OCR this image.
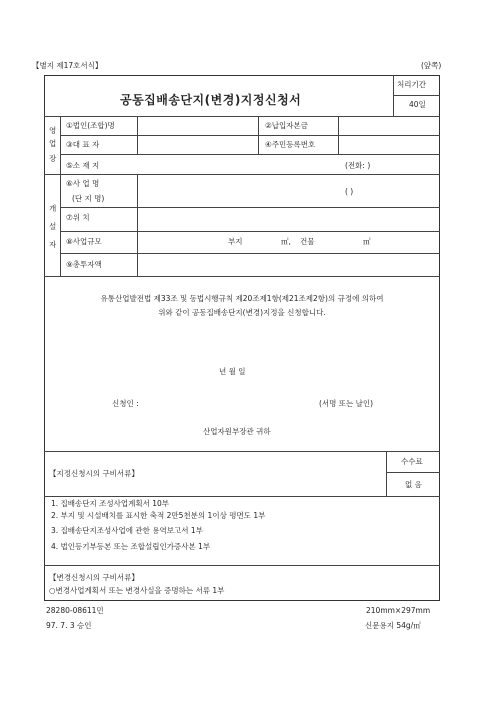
【별지 제17호서식】	(앞쪽)
공동집배송단지(변경)지정신청서
처리기간
40일
영
업
장
①법인(조합)명	②납입자본금
③대 표 자	④주민등록번호
⑤소 재 지	(전화: )
개
설
자
⑥사 업 명
(단 지 명)
( )
⑦위 치
⑧사업규모	부지	㎡, 건물	㎡
⑨총투자액
유통산업발전법 제33조 및 동법시행규칙 제20조제1항(제21조제2항)의 규정에 의하여
위와 같이 공동집배송단지(변경)지정을 신청합니다.
년 월 일
신청인 :	(서명 또는 날인)
산업자원부장관 귀하
수수료
없 음
【지정신청시의 구비서류】
1. 집배송단지 조성사업계획서 10부
2. 부지 및 시설배치를 표시한 축적 2만5천분의 1이상 평면도 1부
3. 집배송단지조성사업에 관한 용역보고서 1부
4. 법인등기부등본 또는 조합설립인가증사본 1부
【변경신청시의 구비서류】
○변경사업계획서 또는 변경사실을 증명하는 서류 1부
28280-08611민
97. 7. 3 승인
210mm×297mm
신문용지 54g/㎡
